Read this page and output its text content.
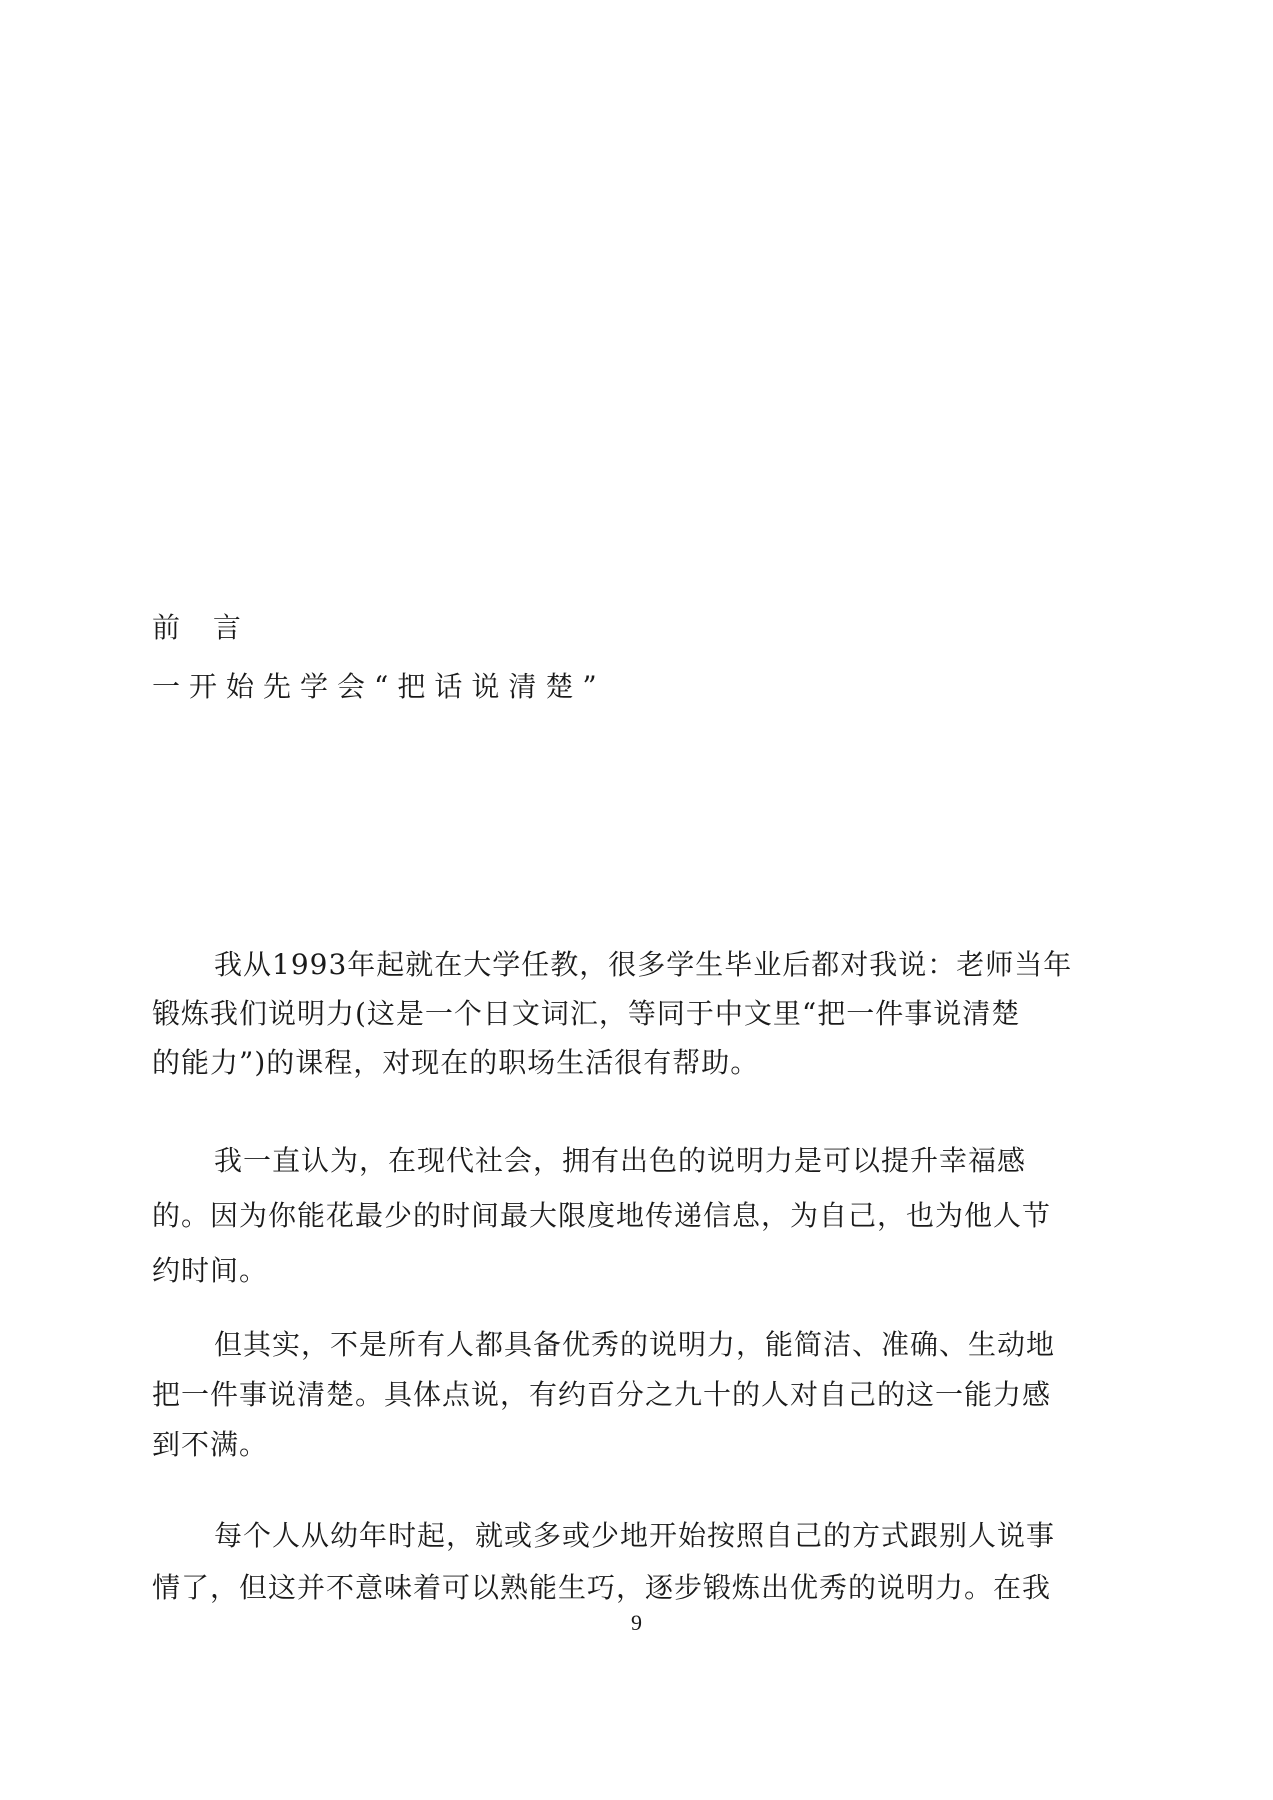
前 言
一开始先学会“把话说清楚”

我从1993年起就在大学任教，很多学生毕业后都对我说：老师当年
锻炼我们说明力(这是一个日文词汇，等同于中文里“把一件事说清楚
的能力”)的课程，对现在的职场生活很有帮助。

我一直认为，在现代社会，拥有出色的说明力是可以提升幸福感
的。因为你能花最少的时间最大限度地传递信息，为自己，也为他人节
约时间。

但其实，不是所有人都具备优秀的说明力，能简洁、准确、生动地
把一件事说清楚。具体点说，有约百分之九十的人对自己的这一能力感
到不满。

每个人从幼年时起，就或多或少地开始按照自己的方式跟别人说事
情了，但这并不意味着可以熟能生巧，逐步锻炼出优秀的说明力。在我

9
